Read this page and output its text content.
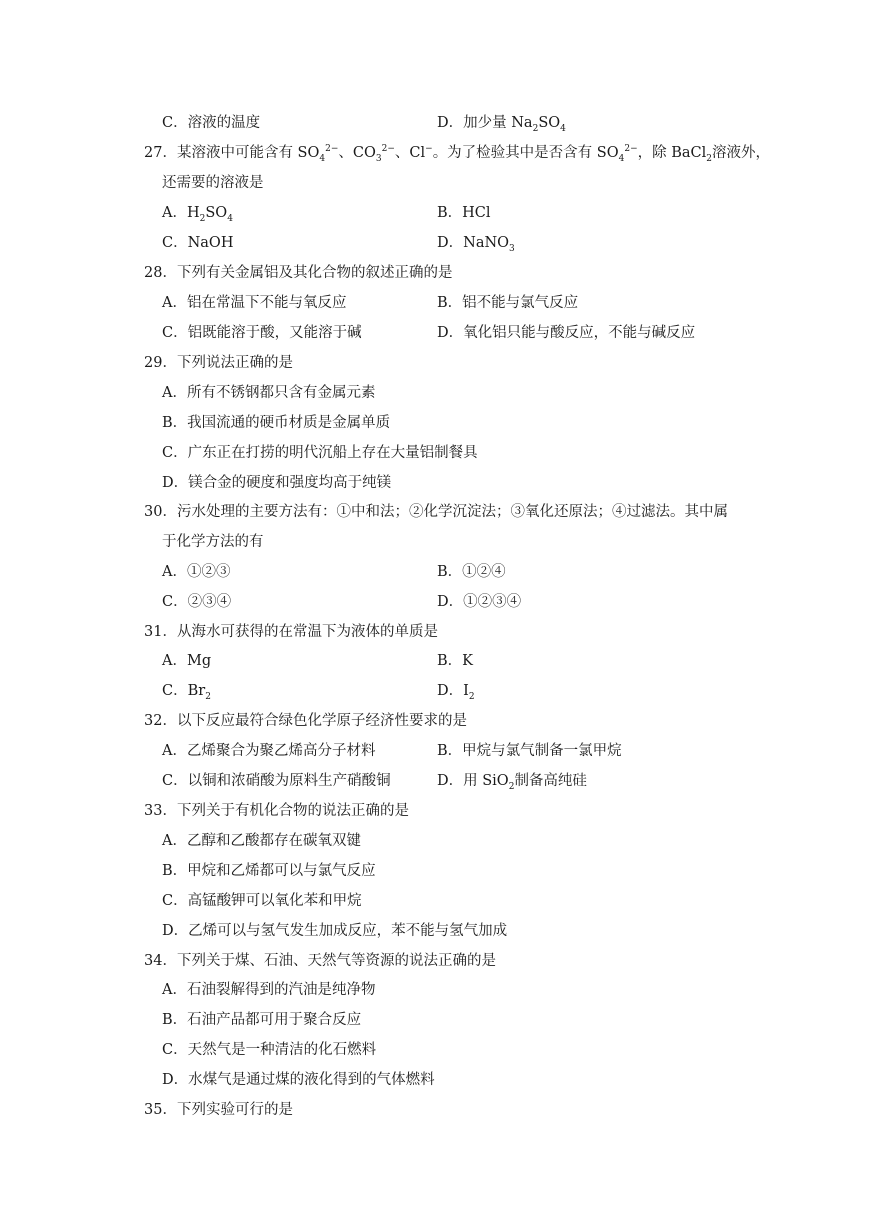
C．溶液的温度	D．加少量 $Na_2SO_4$
27．某溶液中可能含有 $SO_4^{2-}$、$CO_3^{2-}$、Cl−。为了检验其中是否含有 $SO_4^{2-}$，除 BaCl$_2$溶液外，
还需要的溶液是
A．$H_2SO_4$	B．HCl
C．NaOH	D．NaNO$_3$
28．下列有关金属铝及其化合物的叙述正确的是
A．铝在常温下不能与氧反应	B．铝不能与氯气反应
C．铝既能溶于酸，又能溶于碱	D．氧化铝只能与酸反应，不能与碱反应
29．下列说法正确的是
A．所有不锈钢都只含有金属元素
B．我国流通的硬币材质是金属单质
C．广东正在打捞的明代沉船上存在大量铝制餐具
D．镁合金的硬度和强度均高于纯镁
30．污水处理的主要方法有：①中和法；②化学沉淀法；③氧化还原法；④过滤法。其中属
于化学方法的有
A．①②③	B．①②④
C．②③④	D．①②③④
31．从海水可获得的在常温下为液体的单质是
A．Mg	B．K
C．$Br_2$	D．$I_2$
32．以下反应最符合绿色化学原子经济性要求的是
A．乙烯聚合为聚乙烯高分子材料	B．甲烷与氯气制备一氯甲烷
C．以铜和浓硝酸为原料生产硝酸铜	D．用 SiO$_2$制备高纯硅
33．下列关于有机化合物的说法正确的是
A．乙醇和乙酸都存在碳氧双键
B．甲烷和乙烯都可以与氯气反应
C．高锰酸钾可以氧化苯和甲烷
D．乙烯可以与氢气发生加成反应，苯不能与氢气加成
34．下列关于煤、石油、天然气等资源的说法正确的是
A．石油裂解得到的汽油是纯净物
B．石油产品都可用于聚合反应
C．天然气是一种清洁的化石燃料
D．水煤气是通过煤的液化得到的气体燃料
35．下列实验可行的是
